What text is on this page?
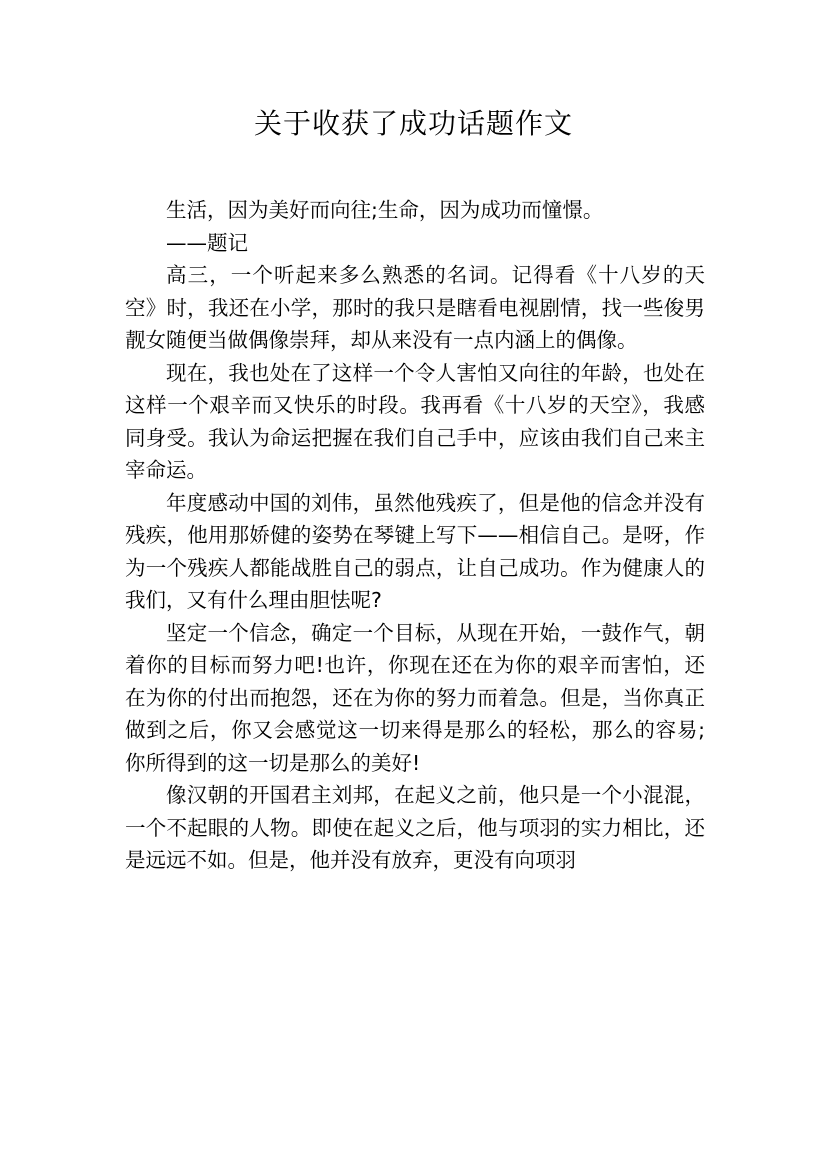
关于收获了成功话题作文

生活，因为美好而向往;生命，因为成功而憧憬。

——题记

高三，一个听起来多么熟悉的名词。记得看《十八岁的天空》时，我还在小学，那时的我只是瞎看电视剧情，找一些俊男靓女随便当做偶像崇拜，却从来没有一点内涵上的偶像。

现在，我也处在了这样一个令人害怕又向往的年龄，也处在这样一个艰辛而又快乐的时段。我再看《十八岁的天空》，我感同身受。我认为命运把握在我们自己手中，应该由我们自己来主宰命运。

年度感动中国的刘伟，虽然他残疾了，但是他的信念并没有残疾，他用那娇健的姿势在琴键上写下——相信自己。是呀，作为一个残疾人都能战胜自己的弱点，让自己成功。作为健康人的我们，又有什么理由胆怯呢?

坚定一个信念，确定一个目标，从现在开始，一鼓作气，朝着你的目标而努力吧!也许，你现在还在为你的艰辛而害怕，还在为你的付出而抱怨，还在为你的努力而着急。但是，当你真正做到之后，你又会感觉这一切来得是那么的轻松，那么的容易;你所得到的这一切是那么的美好!

像汉朝的开国君主刘邦，在起义之前，他只是一个小混混，一个不起眼的人物。即使在起义之后，他与项羽的实力相比，还是远远不如。但是，他并没有放弃，更没有向项羽
